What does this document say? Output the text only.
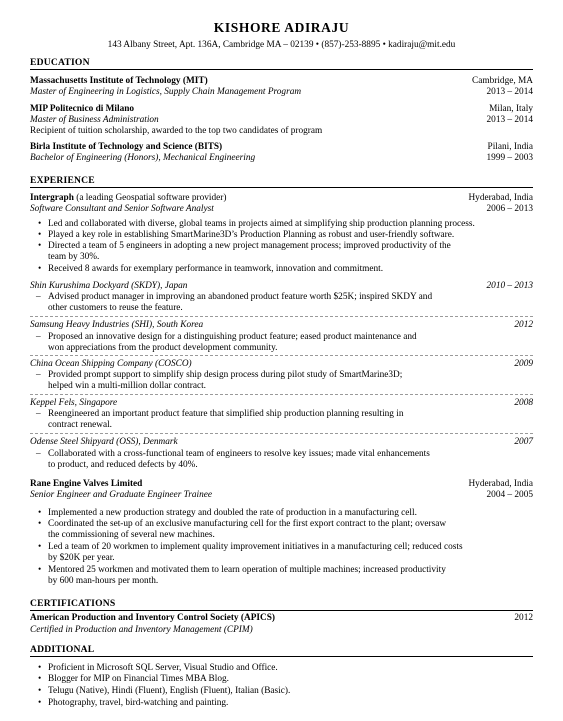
KISHORE ADIRAJU
143 Albany Street, Apt. 136A, Cambridge MA – 02139 • (857)-253-8895 • kadiraju@mit.edu
EDUCATION
Massachusetts Institute of Technology (MIT)	Cambridge, MA
Master of Engineering in Logistics, Supply Chain Management Program	2013 – 2014
MIP Politecnico di Milano	Milan, Italy
Master of Business Administration	2013 – 2014
Recipient of tuition scholarship, awarded to the top two candidates of program
Birla Institute of Technology and Science (BITS)	Pilani, India
Bachelor of Engineering (Honors), Mechanical Engineering	1999 – 2003
EXPERIENCE
Intergraph (a leading Geospatial software provider)	Hyderabad, India
Software Consultant and Senior Software Analyst	2006 – 2013
• Led and collaborated with diverse, global teams in projects aimed at simplifying ship production planning process.
• Played a key role in establishing SmartMarine3D’s Production Planning as robust and user-friendly software.
• Directed a team of 5 engineers in adopting a new project management process; improved productivity of the
team by 30%.
• Received 8 awards for exemplary performance in teamwork, innovation and commitment.
Shin Kurushima Dockyard (SKDY), Japan	2010 – 2013
– Advised product manager in improving an abandoned product feature worth $25K; inspired SKDY and
other customers to reuse the feature.
Samsung Heavy Industries (SHI), South Korea	2012
– Proposed an innovative design for a distinguishing product feature; eased product maintenance and
won appreciations from the product development community.
China Ocean Shipping Company (COSCO)	2009
– Provided prompt support to simplify ship design process during pilot study of SmartMarine3D;
helped win a multi-million dollar contract.
Keppel Fels, Singapore	2008
– Reengineered an important product feature that simplified ship production planning resulting in
contract renewal.
Odense Steel Shipyard (OSS), Denmark	2007
– Collaborated with a cross-functional team of engineers to resolve key issues; made vital enhancements
to product, and reduced defects by 40%.
Rane Engine Valves Limited	Hyderabad, India
Senior Engineer and Graduate Engineer Trainee	2004 – 2005
• Implemented a new production strategy and doubled the rate of production in a manufacturing cell.
• Coordinated the set-up of an exclusive manufacturing cell for the first export contract to the plant; oversaw
the commissioning of several new machines.
• Led a team of 20 workmen to implement quality improvement initiatives in a manufacturing cell; reduced costs
by $20K per year.
• Mentored 25 workmen and motivated them to learn operation of multiple machines; increased productivity
by 600 man-hours per month.
CERTIFICATIONS
American Production and Inventory Control Society (APICS)	2012
Certified in Production and Inventory Management (CPIM)
ADDITIONAL
• Proficient in Microsoft SQL Server, Visual Studio and Office.
• Blogger for MIP on Financial Times MBA Blog.
• Telugu (Native), Hindi (Fluent), English (Fluent), Italian (Basic).
• Photography, travel, bird-watching and painting.
